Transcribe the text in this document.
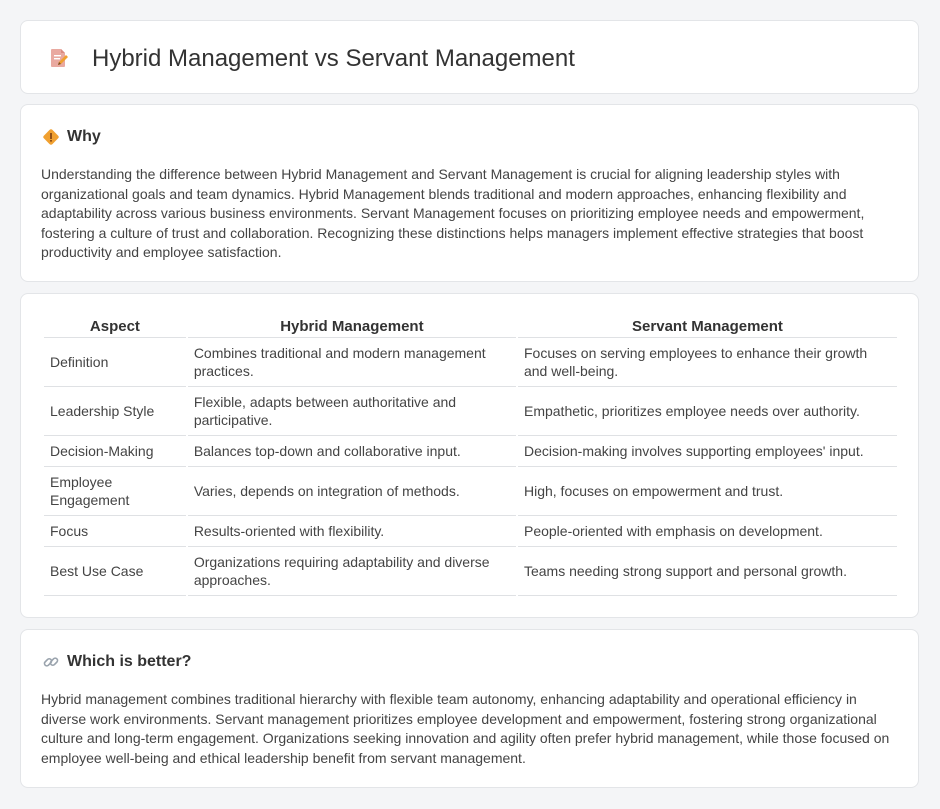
Hybrid Management vs Servant Management
Why

Understanding the difference between Hybrid Management and Servant Management is crucial for aligning leadership styles with organizational goals and team dynamics. Hybrid Management blends traditional and modern approaches, enhancing flexibility and adaptability across various business environments. Servant Management focuses on prioritizing employee needs and empowerment, fostering a culture of trust and collaboration. Recognizing these distinctions helps managers implement effective strategies that boost productivity and employee satisfaction.

Aspect	Hybrid Management	Servant Management
Definition	Combines traditional and modern management practices.	Focuses on serving employees to enhance their growth and well-being.
Leadership Style	Flexible, adapts between authoritative and participative.	Empathetic, prioritizes employee needs over authority.
Decision-Making	Balances top-down and collaborative input.	Decision-making involves supporting employees' input.
Employee Engagement	Varies, depends on integration of methods.	High, focuses on empowerment and trust.
Focus	Results-oriented with flexibility.	People-oriented with emphasis on development.
Best Use Case	Organizations requiring adaptability and diverse approaches.	Teams needing strong support and personal growth.
Which is better?

Hybrid management combines traditional hierarchy with flexible team autonomy, enhancing adaptability and operational efficiency in diverse work environments. Servant management prioritizes employee development and empowerment, fostering strong organizational culture and long-term engagement. Organizations seeking innovation and agility often prefer hybrid management, while those focused on employee well-being and ethical leadership benefit from servant management.
